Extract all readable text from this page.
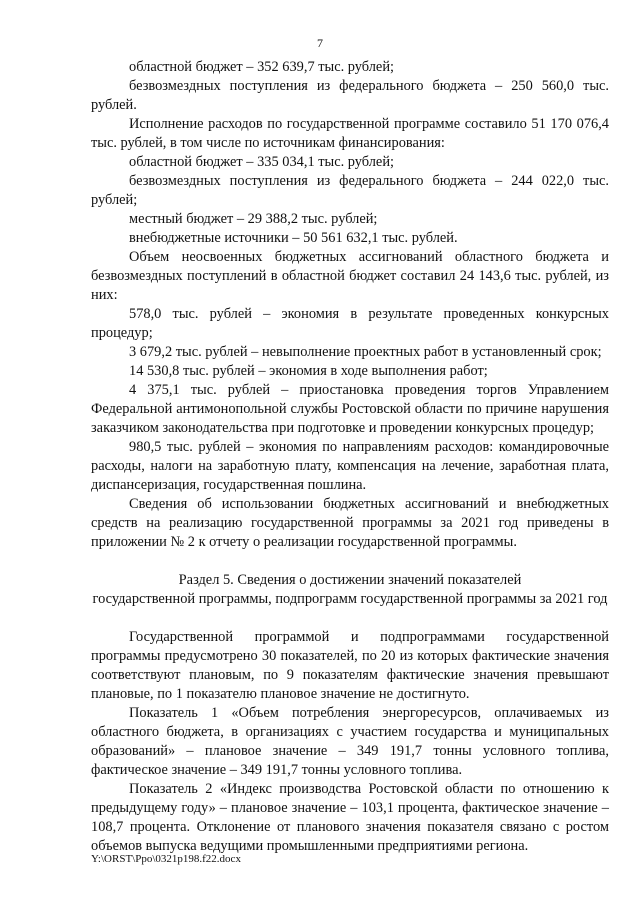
7

областной бюджет – 352 639,7 тыс. рублей;

безвозмездных поступления из федерального бюджета – 250 560,0 тыс. рублей.

Исполнение расходов по государственной программе составило 51 170 076,4 тыс. рублей, в том числе по источникам финансирования:

областной бюджет – 335 034,1 тыс. рублей;

безвозмездных поступления из федерального бюджета – 244 022,0 тыс. рублей;

местный бюджет – 29 388,2 тыс. рублей;

внебюджетные источники – 50 561 632,1 тыс. рублей.

Объем неосвоенных бюджетных ассигнований областного бюджета и безвозмездных поступлений в областной бюджет составил 24 143,6 тыс. рублей, из них:

578,0 тыс. рублей – экономия в результате проведенных конкурсных процедур;

3 679,2 тыс. рублей – невыполнение проектных работ в установленный срок;

14 530,8 тыс. рублей – экономия в ходе выполнения работ;

4 375,1 тыс. рублей – приостановка проведения торгов Управлением Федеральной антимонопольной службы Ростовской области по причине нарушения заказчиком законодательства при подготовке и проведении конкурсных процедур;

980,5 тыс. рублей – экономия по направлениям расходов: командировочные расходы, налоги на заработную плату, компенсация на лечение, заработная плата, диспансеризация, государственная пошлина.

Сведения об использовании бюджетных ассигнований и внебюджетных средств на реализацию государственной программы за 2021 год приведены в приложении № 2 к отчету о реализации государственной программы.

Раздел 5. Сведения о достижении значений показателей
государственной программы, подпрограмм государственной программы за 2021 год

Государственной программой и подпрограммами государственной программы предусмотрено 30 показателей, по 20 из которых фактические значения соответствуют плановым, по 9 показателям фактические значения превышают плановые, по 1 показателю плановое значение не достигнуто.

Показатель 1 «Объем потребления энергоресурсов, оплачиваемых из областного бюджета, в организациях с участием государства и муниципальных образований» – плановое значение – 349 191,7 тонны условного топлива, фактическое значение – 349 191,7 тонны условного топлива.

Показатель 2 «Индекс производства Ростовской области по отношению к предыдущему году» – плановое значение – 103,1 процента, фактическое значение – 108,7 процента. Отклонение от планового значения показателя связано с ростом объемов выпуска ведущими промышленными предприятиями региона.

Y:\ORST\Ppo\0321p198.f22.docx
